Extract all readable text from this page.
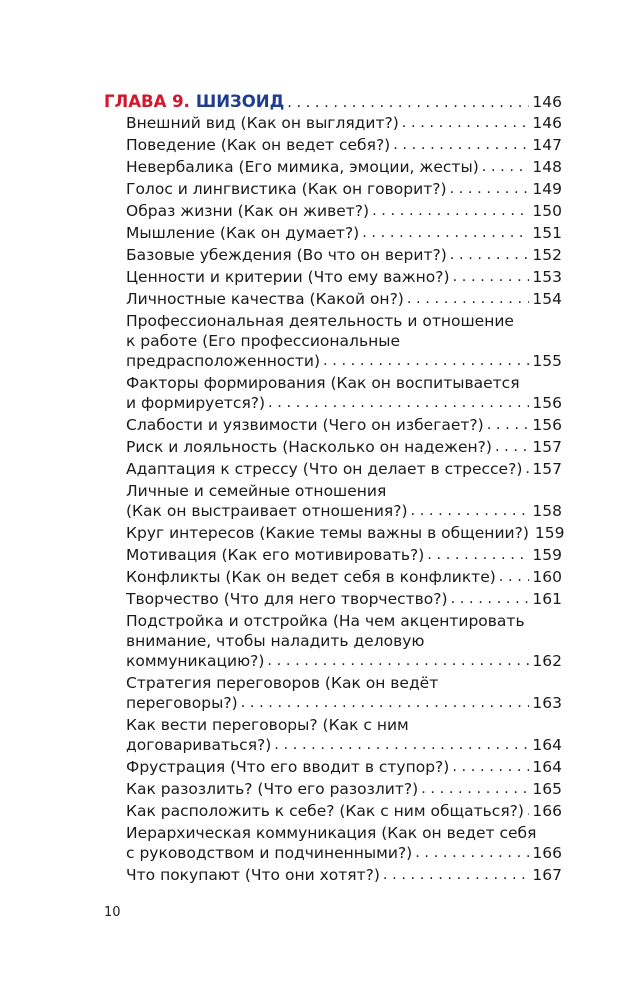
ГЛАВА 9. ШИЗОИД . . .	146
Внешний вид (Как он выглядит?) . . .	146
Поведение (Как он ведет себя?) . . .	147
Невербалика (Его мимика, эмоции, жесты) . . .	148
Голос и лингвистика (Как он говорит?) . . .	149
Образ жизни (Как он живет?) . . .	150
Мышление (Как он думает?) . . .	151
Базовые убеждения (Во что он верит?) . . .	152
Ценности и критерии (Что ему важно?) . . .	153
Личностные качества (Какой он?) . . .	154
Профессиональная деятельность и отношение
к работе (Его профессиональные
предрасположенности) . . .	155
Факторы формирования (Как он воспитывается
и формируется?) . . .	156
Слабости и уязвимости (Чего он избегает?) . . .	156
Риск и лояльность (Насколько он надежен?) . . .	157
Адаптация к стрессу (Что он делает в стрессе?) . . . 157
Личные и семейные отношения
(Как он выстраивает отношения?) . . .	158
Круг интересов (Какие темы важны в общении?) 159
Мотивация (Как его мотивировать?) . . .	159
Конфликты (Как он ведет себя в конфликте) . . . 160
Творчество (Что для него творчество?) . . .	161
Подстройка и отстройка (На чем акцентировать
внимание, чтобы наладить деловую
коммуникацию?) . . .	162
Стратегия переговоров (Как он ведёт
переговоры?) . . .	163
Как вести переговоры? (Как с ним
договариваться?) . . .	164
Фрустрация (Что его вводит в ступор?) . . .	164
Как разозлить? (Что его разозлит?) . . .	165
Как расположить к себе? (Как с ним общаться?) . . . 166
Иерархическая коммуникация (Как он ведет себя
с руководством и подчиненными?) . . .	166
Что покупают (Что они хотят?) . . .	167
10
